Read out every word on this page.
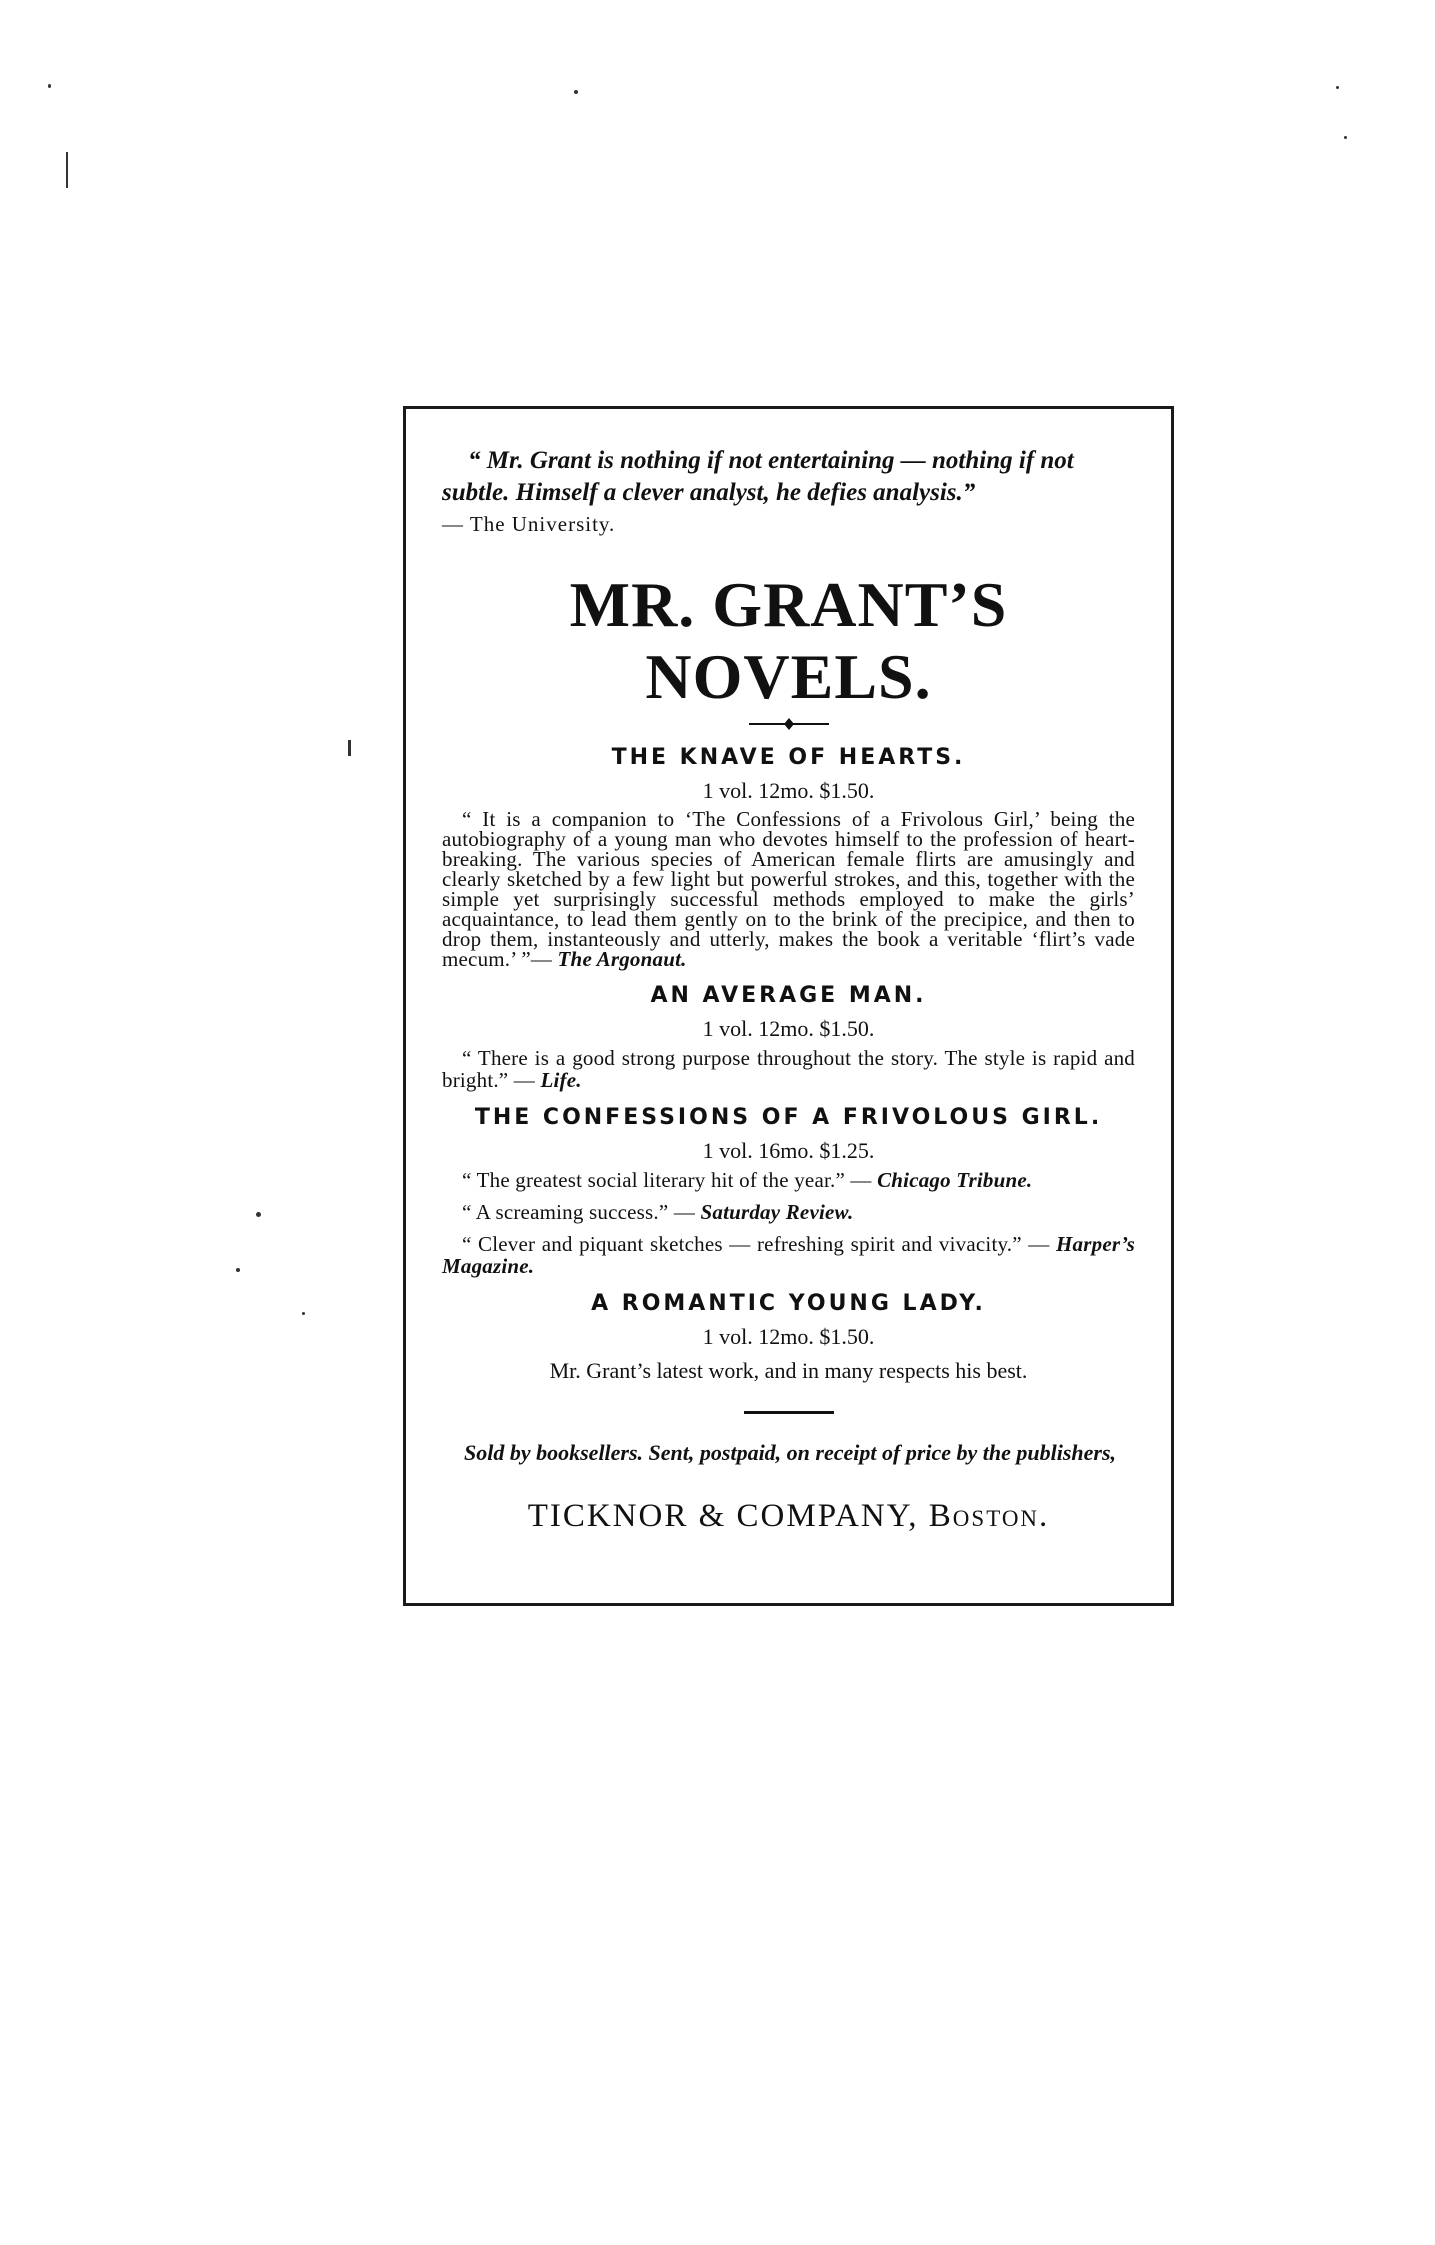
“ Mr. Grant is nothing if not entertaining — nothing if not subtle. Himself a clever analyst, he defies analysis.”

— The University.

MR. GRANT’S NOVELS.
THE KNAVE OF HEARTS.

1 vol. 12mo. $1.50.

“ It is a companion to ‘The Confessions of a Frivolous Girl,’ being the autobiography of a young man who devotes himself to the profession of heart-breaking. The various species of American female flirts are amusingly and clearly sketched by a few light but powerful strokes, and this, together with the simple yet surprisingly successful methods employed to make the girls’ acquaintance, to lead them gently on to the brink of the precipice, and then to drop them, instanteously and utterly, makes the book a veritable ‘flirt’s vade mecum.’ ”— The Argonaut.

AN AVERAGE MAN.

1 vol. 12mo. $1.50.

“ There is a good strong purpose throughout the story. The style is rapid and bright.” — Life.

THE CONFESSIONS OF A FRIVOLOUS GIRL.

1 vol. 16mo. $1.25.

“ The greatest social literary hit of the year.” — Chicago Tribune.

“ A screaming success.” — Saturday Review.

“ Clever and piquant sketches — refreshing spirit and vivacity.” — Harper’s Magazine.

A ROMANTIC YOUNG LADY.

1 vol. 12mo. $1.50.

Mr. Grant’s latest work, and in many respects his best.

Sold by booksellers. Sent, postpaid, on receipt of price by the publishers,

TICKNOR & COMPANY, Boston.
